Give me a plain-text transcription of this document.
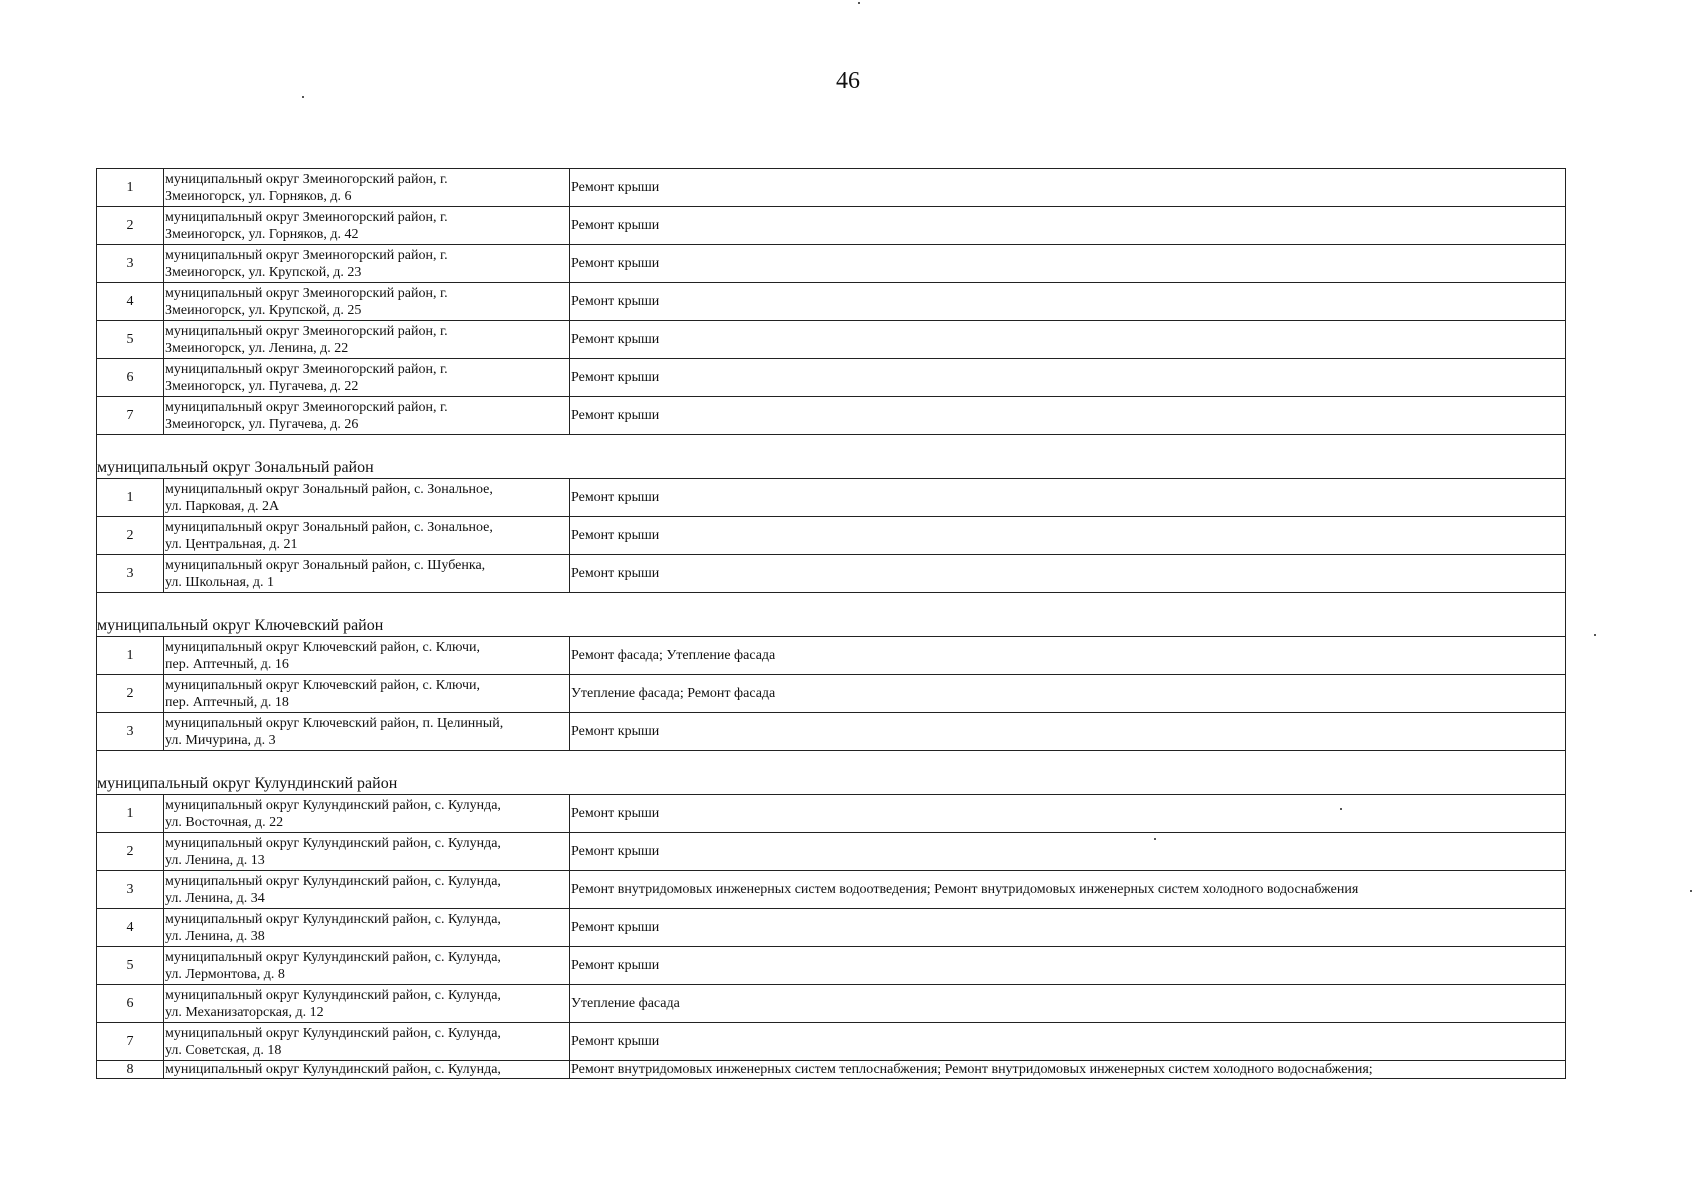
46
1	муниципальный округ Змеиногорский район, г.
Змеиногорск, ул. Горняков, д. 6	Ремонт крыши
2	муниципальный округ Змеиногорский район, г.
Змеиногорск, ул. Горняков, д. 42	Ремонт крыши
3	муниципальный округ Змеиногорский район, г.
Змеиногорск, ул. Крупской, д. 23	Ремонт крыши
4	муниципальный округ Змеиногорский район, г.
Змеиногорск, ул. Крупской, д. 25	Ремонт крыши
5	муниципальный округ Змеиногорский район, г.
Змеиногорск, ул. Ленина, д. 22	Ремонт крыши
6	муниципальный округ Змеиногорский район, г.
Змеиногорск, ул. Пугачева, д. 22	Ремонт крыши
7	муниципальный округ Змеиногорский район, г.
Змеиногорск, ул. Пугачева, д. 26	Ремонт крыши
муниципальный округ Зональный район		
1	муниципальный округ Зональный район, с. Зональное,
ул. Парковая, д. 2А	Ремонт крыши
2	муниципальный округ Зональный район, с. Зональное,
ул. Центральная, д. 21	Ремонт крыши
3	муниципальный округ Зональный район, с. Шубенка,
ул. Школьная, д. 1	Ремонт крыши
муниципальный округ Ключевский район		
1	муниципальный округ Ключевский район, с. Ключи,
пер. Аптечный, д. 16	Ремонт фасада; Утепление фасада
2	муниципальный округ Ключевский район, с. Ключи,
пер. Аптечный, д. 18	Утепление фасада; Ремонт фасада
3	муниципальный округ Ключевский район, п. Целинный,
ул. Мичурина, д. 3	Ремонт крыши
муниципальный округ Кулундинский район		
1	муниципальный округ Кулундинский район, с. Кулунда,
ул. Восточная, д. 22	Ремонт крыши
2	муниципальный округ Кулундинский район, с. Кулунда,
ул. Ленина, д. 13	Ремонт крыши
3	муниципальный округ Кулундинский район, с. Кулунда,
ул. Ленина, д. 34	Ремонт внутридомовых инженерных систем водоотведения; Ремонт внутридомовых инженерных систем холодного водоснабжения
4	муниципальный округ Кулундинский район, с. Кулунда,
ул. Ленина, д. 38	Ремонт крыши
5	муниципальный округ Кулундинский район, с. Кулунда,
ул. Лермонтова, д. 8	Ремонт крыши
6	муниципальный округ Кулундинский район, с. Кулунда,
ул. Механизаторская, д. 12	Утепление фасада
7	муниципальный округ Кулундинский район, с. Кулунда,
ул. Советская, д. 18	Ремонт крыши
8	муниципальный округ Кулундинский район, с. Кулунда,	Ремонт внутридомовых инженерных систем теплоснабжения; Ремонт внутридомовых инженерных систем холодного водоснабжения;
